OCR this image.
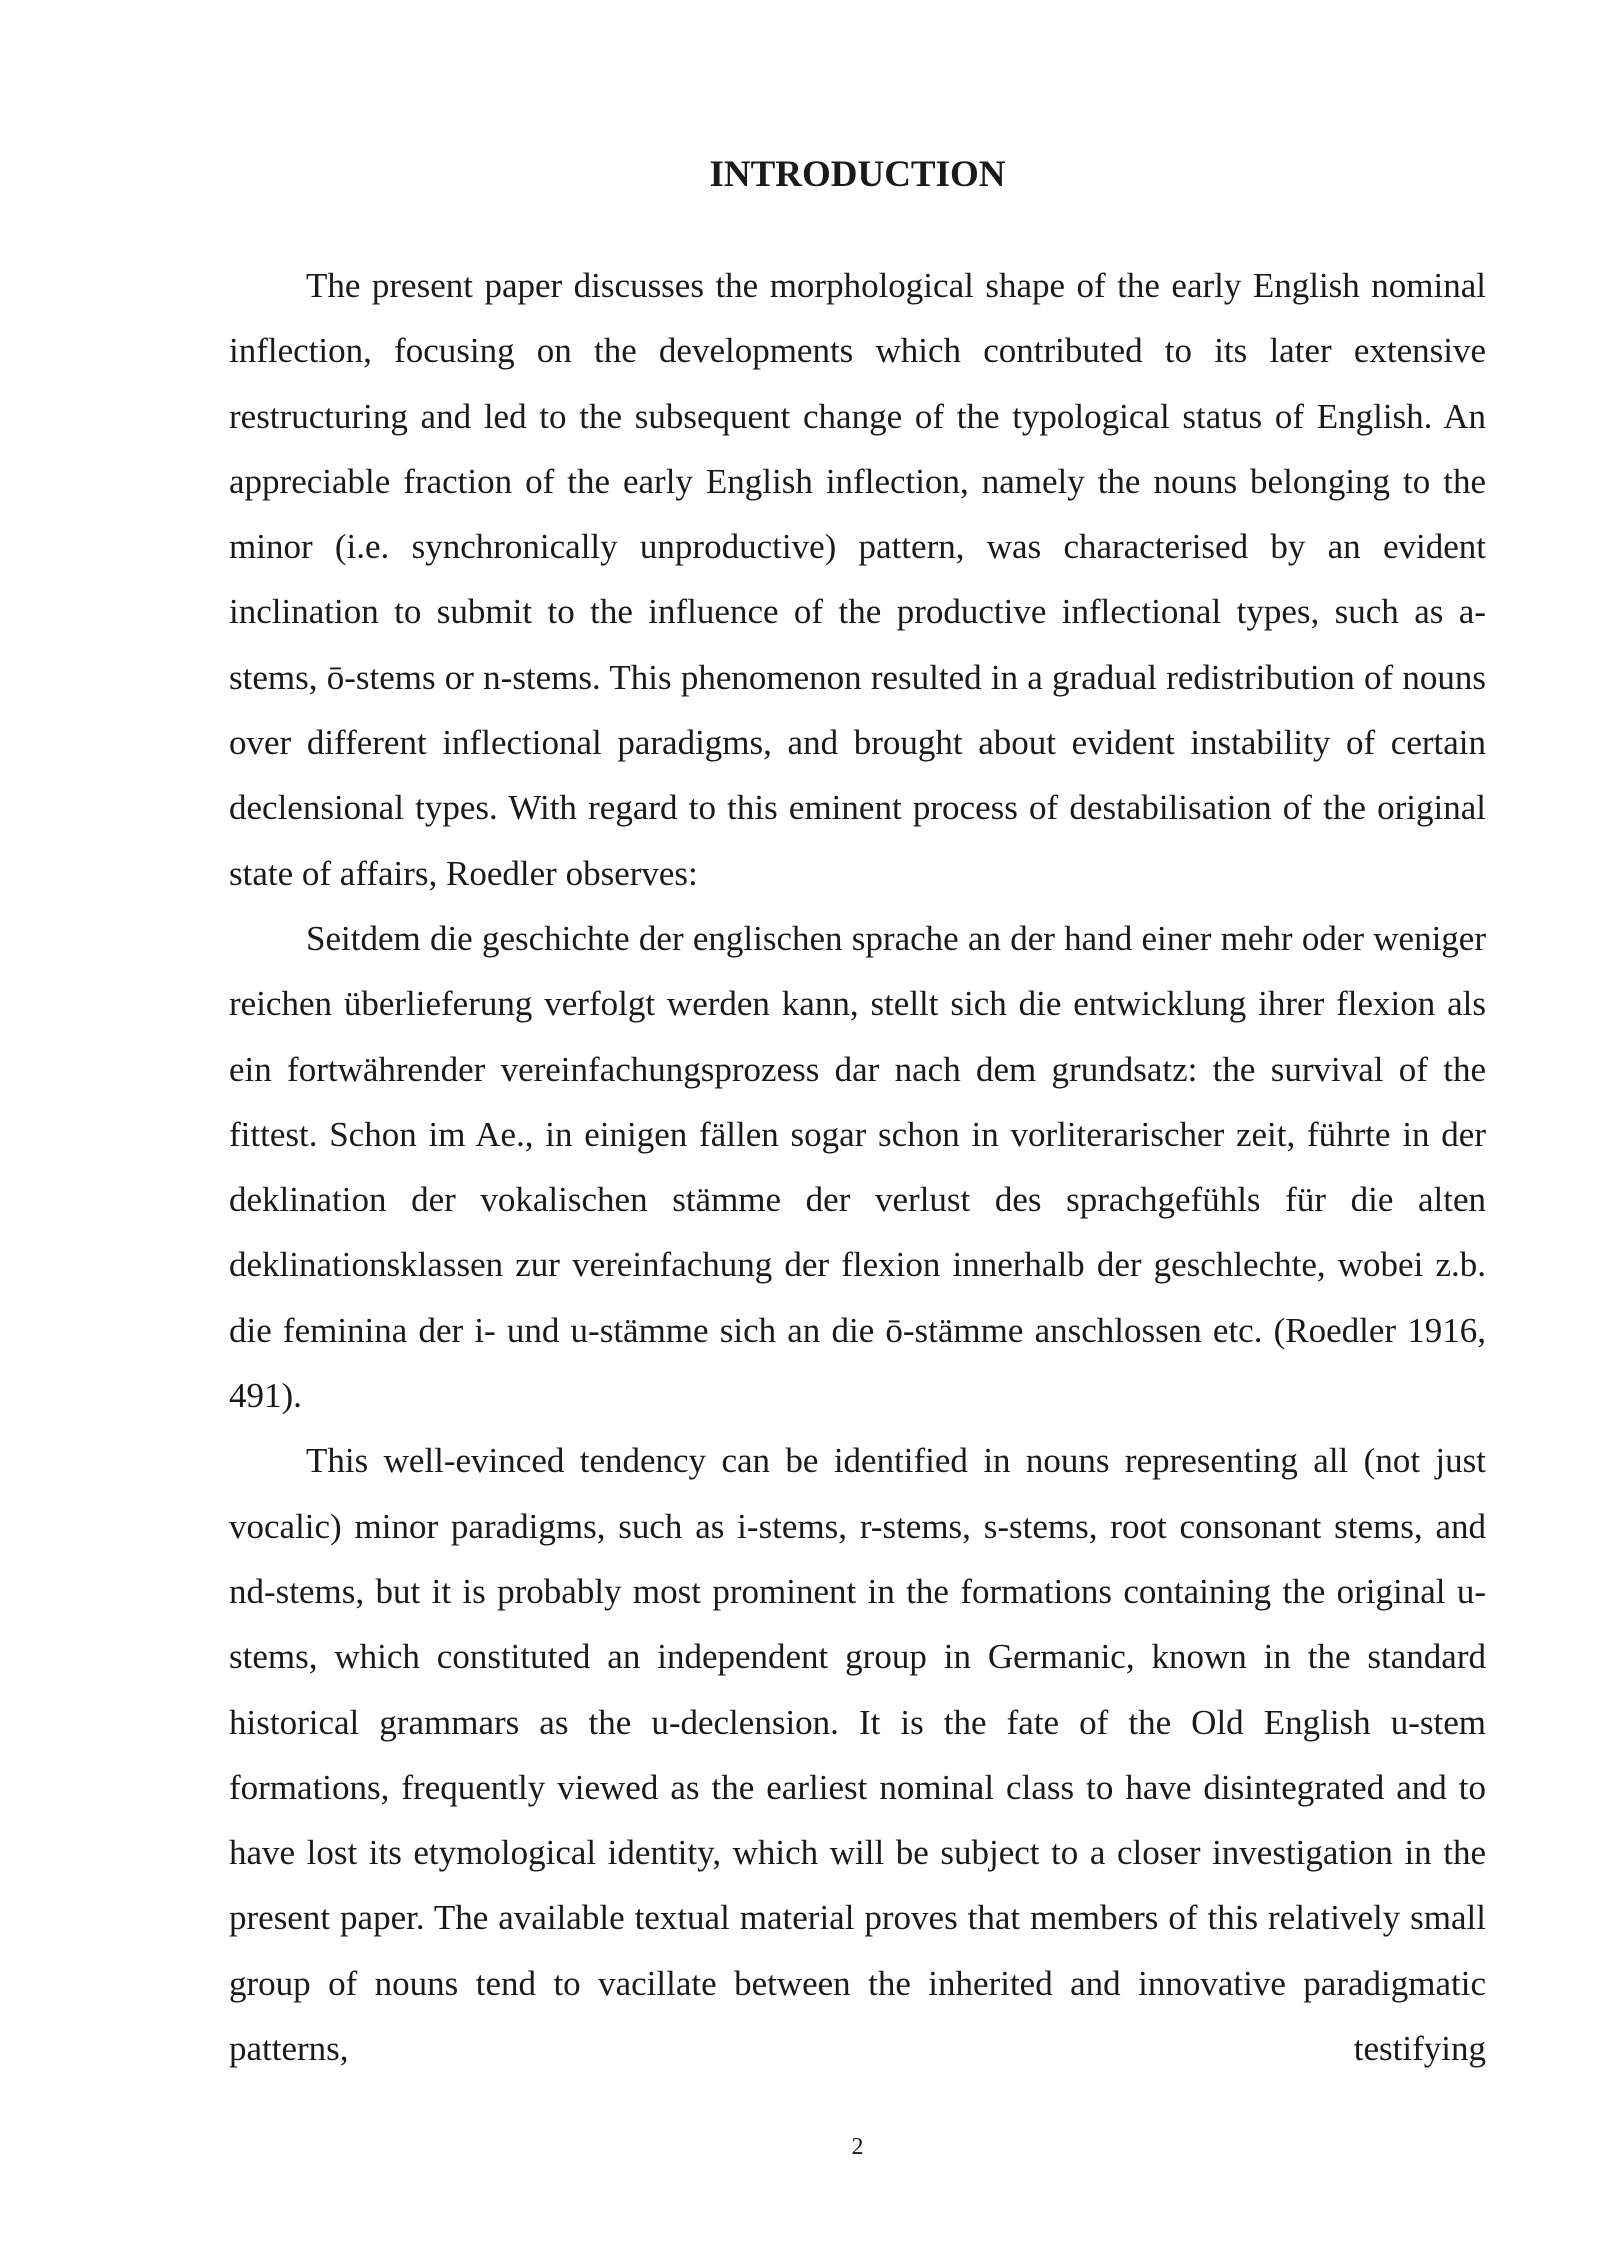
INTRODUCTION

The present paper discusses the morphological shape of the early English nominal inflection, focusing on the developments which contributed to its later extensive restructuring and led to the subsequent change of the typological status of English. An appreciable fraction of the early English inflection, namely the nouns belonging to the minor (i.e. synchronically unproductive) pattern, was characterised by an evident inclination to submit to the influence of the productive inflectional types, such as a-stems, ō-stems or n-stems. This phenomenon resulted in a gradual redistribution of nouns over different inflectional paradigms, and brought about evident instability of certain declensional types. With regard to this eminent process of destabilisation of the original state of affairs, Roedler observes:

Seitdem die geschichte der englischen sprache an der hand einer mehr oder weniger reichen überlieferung verfolgt werden kann, stellt sich die entwicklung ihrer flexion als ein fortwährender vereinfachungsprozess dar nach dem grundsatz: the survival of the fittest. Schon im Ae., in einigen fällen sogar schon in vorliterarischer zeit, führte in der deklination der vokalischen stämme der verlust des sprachgefühls für die alten deklinationsklassen zur vereinfachung der flexion innerhalb der geschlechte, wobei z.b. die feminina der i- und u-stämme sich an die ō-stämme anschlossen etc. (Roedler 1916, 491).

This well-evinced tendency can be identified in nouns representing all (not just vocalic) minor paradigms, such as i-stems, r-stems, s-stems, root consonant stems, and nd-stems, but it is probably most prominent in the formations containing the original u-stems, which constituted an independent group in Germanic, known in the standard historical grammars as the u-declension. It is the fate of the Old English u-stem formations, frequently viewed as the earliest nominal class to have disintegrated and to have lost its etymological identity, which will be subject to a closer investigation in the present paper. The available textual material proves that members of this relatively small group of nouns tend to vacillate between the inherited and innovative paradigmatic patterns, testifying

2
